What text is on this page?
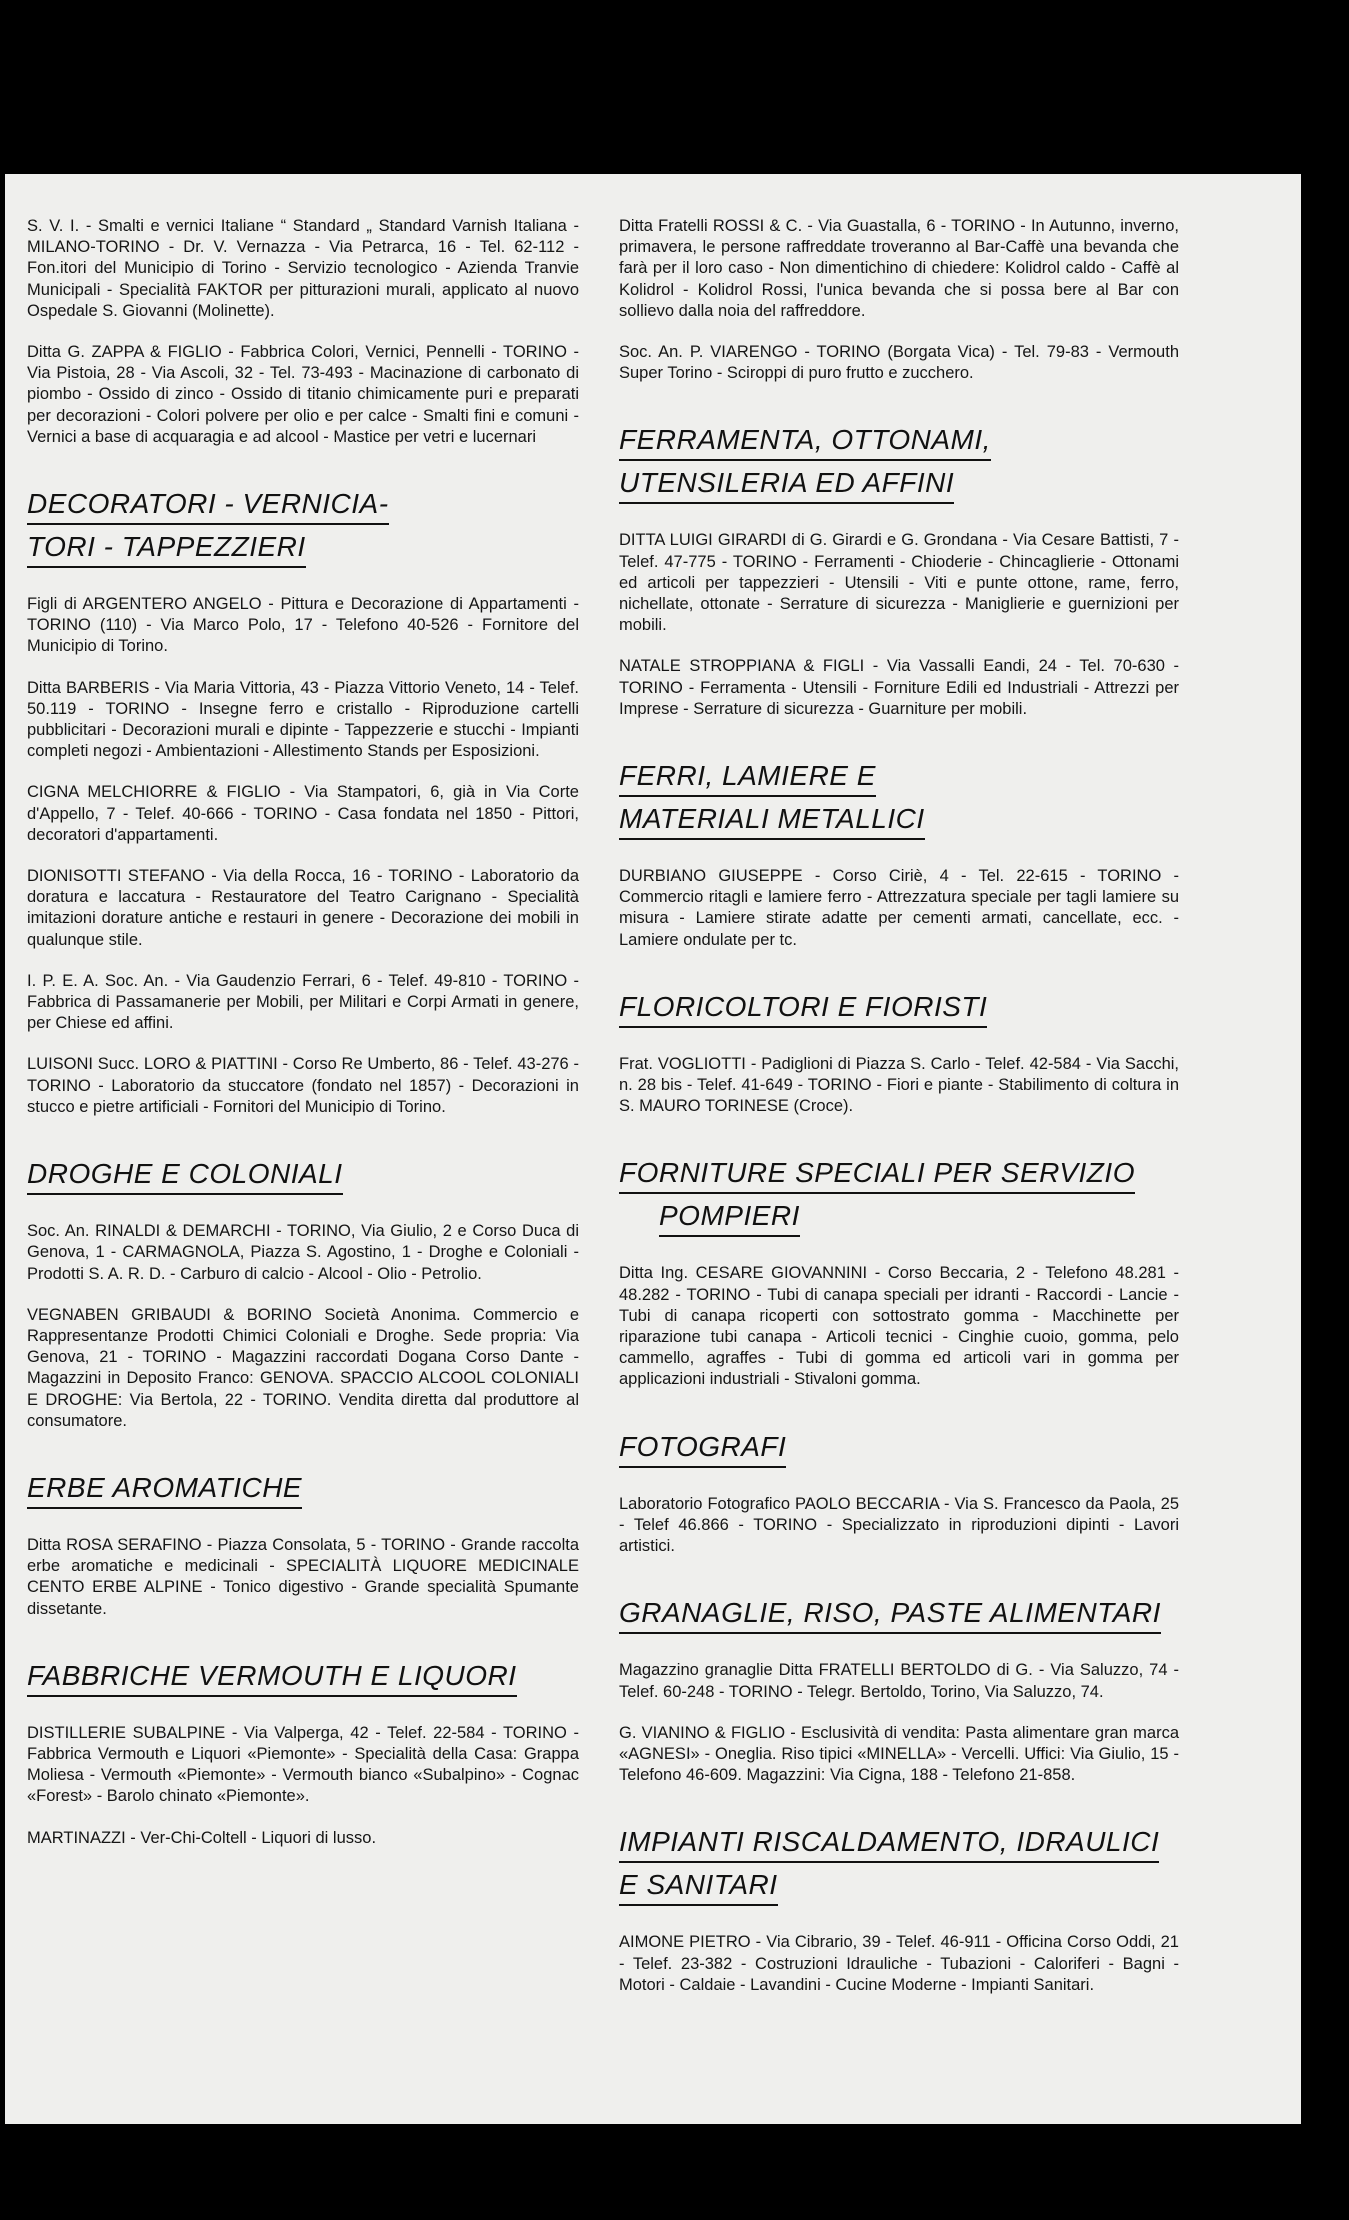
S. V. I. - Smalti e vernici Italiane “ Standard „ Standard Varnish Italiana - MILANO-TORINO - Dr. V. Vernazza - Via Petrarca, 16 - Tel. 62-112 - Fon.itori del Municipio di Torino - Servizio tecnologico - Azienda Tranvie Municipali - Specialità FAKTOR per pitturazioni murali, applicato al nuovo Ospedale S. Giovanni (Molinette).

Ditta G. ZAPPA & FIGLIO - Fabbrica Colori, Vernici, Pennelli - TORINO - Via Pistoia, 28 - Via Ascoli, 32 - Tel. 73-493 - Macinazione di carbonato di piombo - Ossido di zinco - Ossido di titanio chimicamente puri e preparati per decorazioni - Colori polvere per olio e per calce - Smalti fini e comuni - Vernici a base di acquaragia e ad alcool - Mastice per vetri e lucernari

DECORATORI - VERNICIA-
TORI - TAPPEZZIERI

Figli di ARGENTERO ANGELO - Pittura e Decorazione di Appartamenti - TORINO (110) - Via Marco Polo, 17 - Telefono 40-526 - Fornitore del Municipio di Torino.

Ditta BARBERIS - Via Maria Vittoria, 43 - Piazza Vittorio Veneto, 14 - Telef. 50.119 - TORINO - Insegne ferro e cristallo - Riproduzione cartelli pubblicitari - Decorazioni murali e dipinte - Tappezzerie e stucchi - Impianti completi negozi - Ambientazioni - Allestimento Stands per Esposizioni.

CIGNA MELCHIORRE & FIGLIO - Via Stampatori, 6, già in Via Corte d'Appello, 7 - Telef. 40-666 - TORINO - Casa fondata nel 1850 - Pittori, decoratori d'appartamenti.

DIONISOTTI STEFANO - Via della Rocca, 16 - TORINO - Laboratorio da doratura e laccatura - Restauratore del Teatro Carignano - Specialità imitazioni dorature antiche e restauri in genere - Decorazione dei mobili in qualunque stile.

I. P. E. A. Soc. An. - Via Gaudenzio Ferrari, 6 - Telef. 49-810 - TORINO - Fabbrica di Passamanerie per Mobili, per Militari e Corpi Armati in genere, per Chiese ed affini.

LUISONI Succ. LORO & PIATTINI - Corso Re Umberto, 86 - Telef. 43-276 - TORINO - Laboratorio da stuccatore (fondato nel 1857) - Decorazioni in stucco e pietre artificiali - Fornitori del Municipio di Torino.

DROGHE E COLONIALI

Soc. An. RINALDI & DEMARCHI - TORINO, Via Giulio, 2 e Corso Duca di Genova, 1 - CARMAGNOLA, Piazza S. Agostino, 1 - Droghe e Coloniali - Prodotti S. A. R. D. - Carburo di calcio - Alcool - Olio - Petrolio.

VEGNABEN GRIBAUDI & BORINO Società Anonima. Commercio e Rappresentanze Prodotti Chimici Coloniali e Droghe. Sede propria: Via Genova, 21 - TORINO - Magazzini raccordati Dogana Corso Dante - Magazzini in Deposito Franco: GENOVA. SPACCIO ALCOOL COLONIALI E DROGHE: Via Bertola, 22 - TORINO. Vendita diretta dal produttore al consumatore.

ERBE AROMATICHE

Ditta ROSA SERAFINO - Piazza Consolata, 5 - TORINO - Grande raccolta erbe aromatiche e medicinali - SPECIALITÀ LIQUORE MEDICINALE CENTO ERBE ALPINE - Tonico digestivo - Grande specialità Spumante dissetante.

FABBRICHE VERMOUTH E LIQUORI

DISTILLERIE SUBALPINE - Via Valperga, 42 - Telef. 22-584 - TORINO - Fabbrica Vermouth e Liquori «Piemonte» - Specialità della Casa: Grappa Moliesa - Vermouth «Piemonte» - Vermouth bianco «Subalpino» - Cognac «Forest» - Barolo chinato «Piemonte».

MARTINAZZI - Ver-Chi-Coltell - Liquori di lusso.

Ditta Fratelli ROSSI & C. - Via Guastalla, 6 - TORINO - In Autunno, inverno, primavera, le persone raffreddate troveranno al Bar-Caffè una bevanda che farà per il loro caso - Non dimentichino di chiedere: Kolidrol caldo - Caffè al Kolidrol - Kolidrol Rossi, l'unica bevanda che si possa bere al Bar con sollievo dalla noia del raffreddore.

Soc. An. P. VIARENGO - TORINO (Borgata Vica) - Tel. 79-83 - Vermouth Super Torino - Sciroppi di puro frutto e zucchero.

FERRAMENTA, OTTONAMI,
UTENSILERIA ED AFFINI

DITTA LUIGI GIRARDI di G. Girardi e G. Grondana - Via Cesare Battisti, 7 - Telef. 47-775 - TORINO - Ferramenti - Chioderie - Chincaglierie - Ottonami ed articoli per tappezzieri - Utensili - Viti e punte ottone, rame, ferro, nichellate, ottonate - Serrature di sicurezza - Maniglierie e guernizioni per mobili.

NATALE STROPPIANA & FIGLI - Via Vassalli Eandi, 24 - Tel. 70-630 - TORINO - Ferramenta - Utensili - Forniture Edili ed Industriali - Attrezzi per Imprese - Serrature di sicurezza - Guarniture per mobili.

FERRI, LAMIERE E
MATERIALI METALLICI

DURBIANO GIUSEPPE - Corso Ciriè, 4 - Tel. 22-615 - TORINO - Commercio ritagli e lamiere ferro - Attrezzatura speciale per tagli lamiere su misura - Lamiere stirate adatte per cementi armati, cancellate, ecc. - Lamiere ondulate per tc.

FLORICOLTORI E FIORISTI

Frat. VOGLIOTTI - Padiglioni di Piazza S. Carlo - Telef. 42-584 - Via Sacchi, n. 28 bis - Telef. 41-649 - TORINO - Fiori e piante - Stabilimento di coltura in S. MAURO TORINESE (Croce).

FORNITURE SPECIALI PER SERVIZIO
POMPIERI

Ditta Ing. CESARE GIOVANNINI - Corso Beccaria, 2 - Telefono 48.281 - 48.282 - TORINO - Tubi di canapa speciali per idranti - Raccordi - Lancie - Tubi di canapa ricoperti con sottostrato gomma - Macchinette per riparazione tubi canapa - Articoli tecnici - Cinghie cuoio, gomma, pelo cammello, agraffes - Tubi di gomma ed articoli vari in gomma per applicazioni industriali - Stivaloni gomma.

FOTOGRAFI

Laboratorio Fotografico PAOLO BECCARIA - Via S. Francesco da Paola, 25 - Telef 46.866 - TORINO - Specializzato in riproduzioni dipinti - Lavori artistici.

GRANAGLIE, RISO, PASTE ALIMENTARI

Magazzino granaglie Ditta FRATELLI BERTOLDO di G. - Via Saluzzo, 74 - Telef. 60-248 - TORINO - Telegr. Bertoldo, Torino, Via Saluzzo, 74.

G. VIANINO & FIGLIO - Esclusività di vendita: Pasta alimentare gran marca «AGNESI» - Oneglia. Riso tipici «MINELLA» - Vercelli. Uffici: Via Giulio, 15 - Telefono 46-609. Magazzini: Via Cigna, 188 - Telefono 21-858.

IMPIANTI RISCALDAMENTO, IDRAULICI
E SANITARI

AIMONE PIETRO - Via Cibrario, 39 - Telef. 46-911 - Officina Corso Oddi, 21 - Telef. 23-382 - Costruzioni Idrauliche - Tubazioni - Caloriferi - Bagni - Motori - Caldaie - Lavandini - Cucine Moderne - Impianti Sanitari.
